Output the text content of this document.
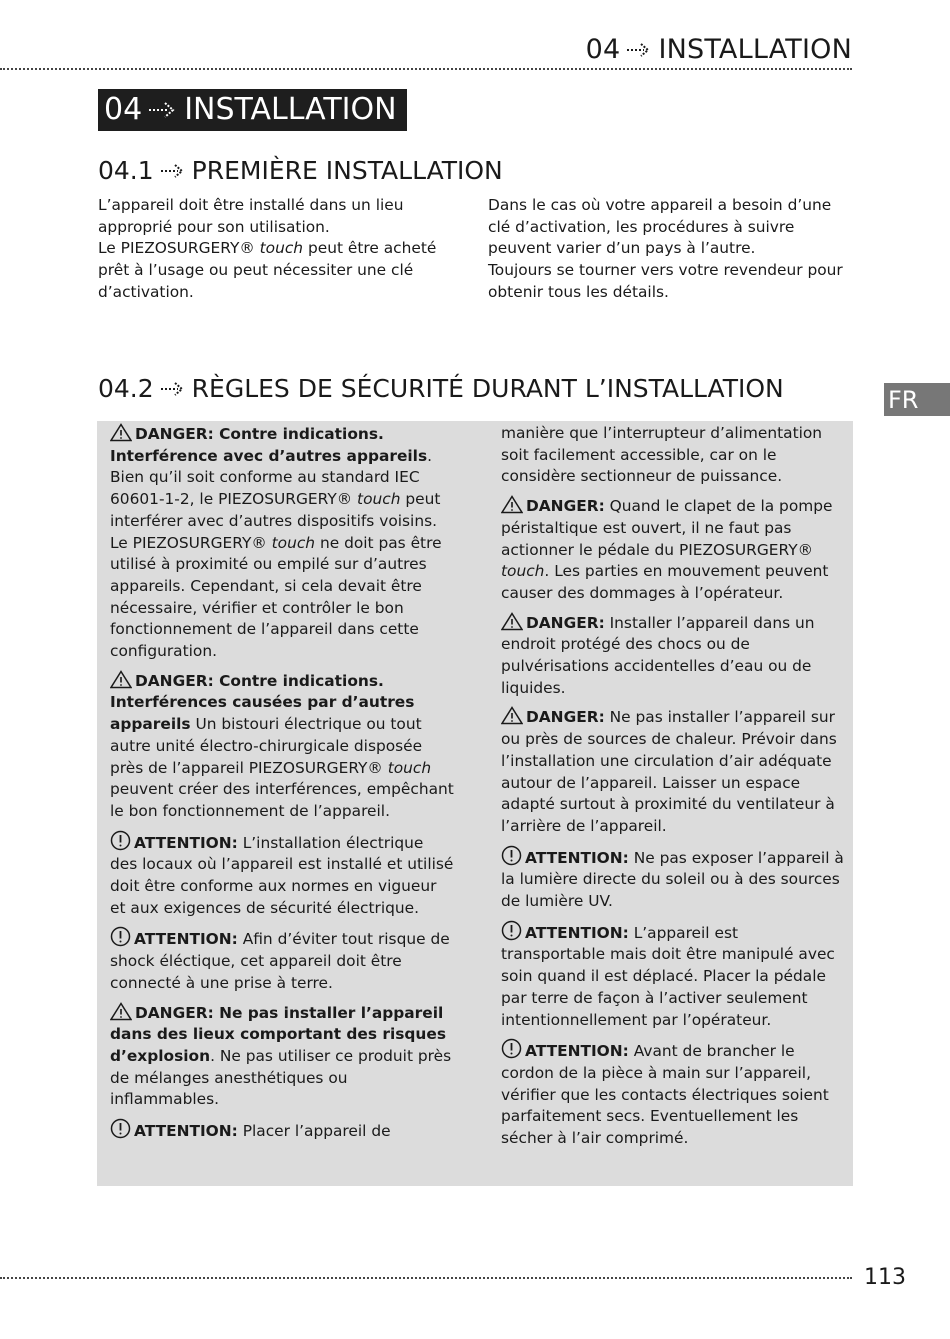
04 INSTALLATION
04 INSTALLATION
04.1 PREMIÈRE INSTALLATION

L’appareil doit être installé dans un lieu approprié pour son utilisation.

Le PIEZOSURGERY® touch peut être acheté prêt à l’usage ou peut nécessiter une clé d’activation.

Dans le cas où votre appareil a besoin d’une clé d’activation, les procédures à suivre peuvent varier d’un pays à l’autre.

Toujours se tourner vers votre revendeur pour obtenir tous les détails.

04.2 RÈGLES DE SÉCURITÉ DURANT L’INSTALLATION	FR
DANGER: Contre indications. Interférence avec d’autres appareils. Bien qu’il soit conforme au standard IEC 60601-1-2, le PIEZOSURGERY® touch peut interférer avec d’autres dispositifs voisins. Le PIEZOSURGERY® touch ne doit pas être utilisé à proximité ou empilé sur d’autres appareils. Cependant, si cela devait être nécessaire, vérifier et contrôler le bon fonctionnement de l’appareil dans cette configuration.
DANGER: Contre indications. Interférences causées par d’autres appareils Un bistouri électrique ou tout autre unité électro-chirurgicale disposée près de l’appareil PIEZOSURGERY® touch peuvent créer des interférences, empêchant le bon fonctionnement de l’appareil.
ATTENTION: L’installation électrique des locaux où l’appareil est installé et utilisé doit être conforme aux normes en vigueur et aux exigences de sécurité électrique.
ATTENTION: Afin d’éviter tout risque de shock éléctique, cet appareil doit être connecté à une prise à terre.
DANGER: Ne pas installer l’appareil dans des lieux comportant des risques d’explosion. Ne pas utiliser ce produit près de mélanges anesthétiques ou inflammables.
ATTENTION: Placer l’appareil de
manière que l’interrupteur d’alimentation soit facilement accessible, car on le considère sectionneur de puissance.
DANGER: Quand le clapet de la pompe péristaltique est ouvert, il ne faut pas actionner le pédale du PIEZOSURGERY® touch. Les parties en mouvement peuvent causer des dommages à l’opérateur.
DANGER: Installer l’appareil dans un endroit protégé des chocs ou de pulvérisations accidentelles d’eau ou de liquides.
DANGER: Ne pas installer l’appareil sur ou près de sources de chaleur. Prévoir dans l’installation une circulation d’air adéquate autour de l’appareil. Laisser un espace adapté surtout à proximité du ventilateur à l’arrière de l’appareil.
ATTENTION: Ne pas exposer l’appareil à la lumière directe du soleil ou à des sources de lumière UV.
ATTENTION: L’appareil est transportable mais doit être manipulé avec soin quand il est déplacé. Placer la pédale par terre de façon à l’activer seulement intentionnellement par l’opérateur.
ATTENTION: Avant de brancher le cordon de la pièce à main sur l’appareil, vérifier que les contacts électriques soient parfaitement secs. Eventuellement les sécher à l’air comprimé.
113
